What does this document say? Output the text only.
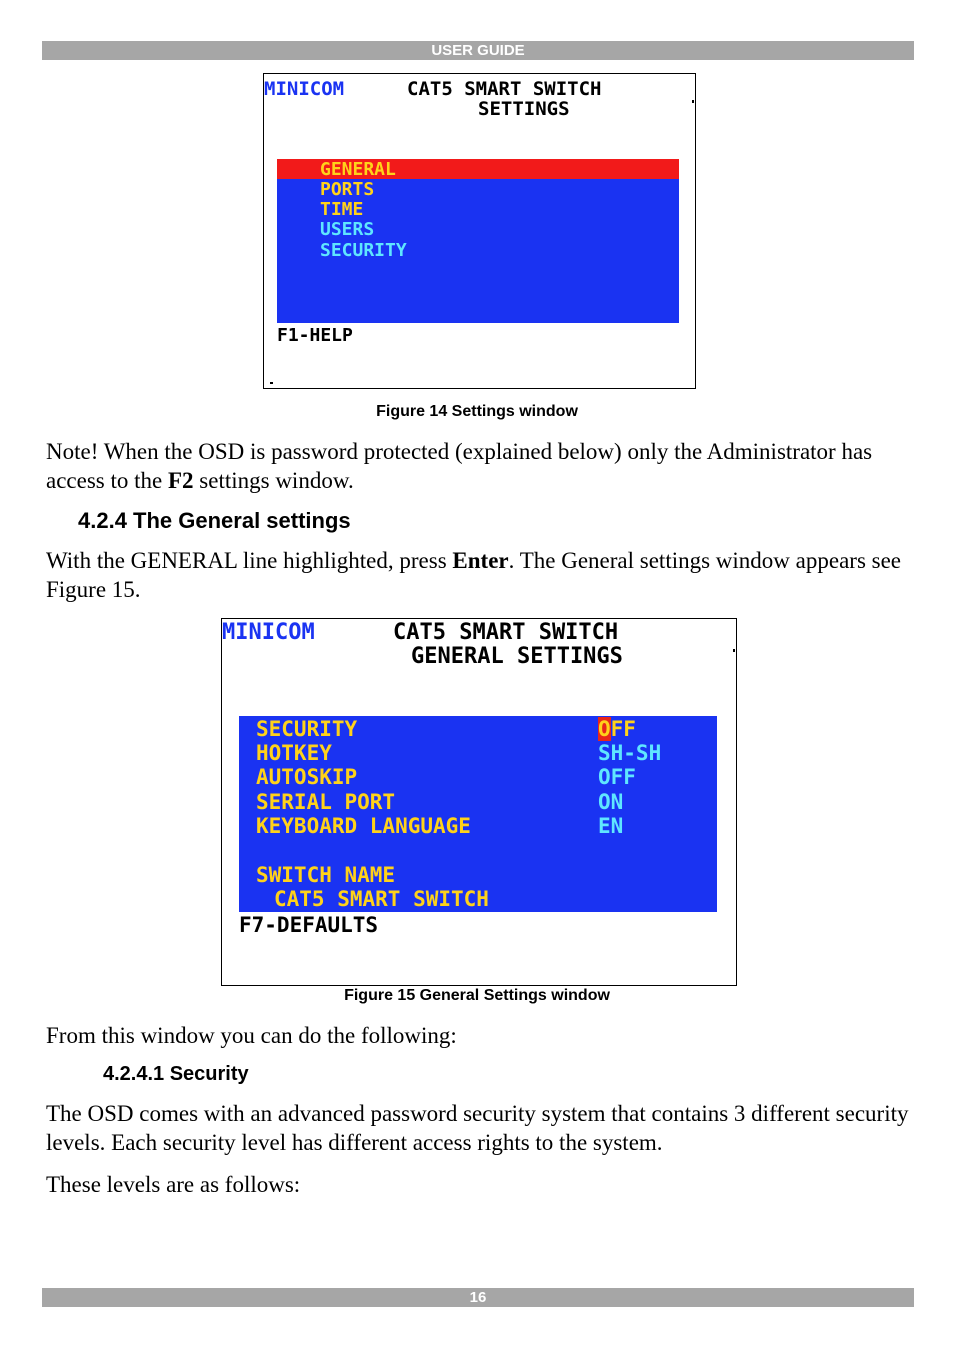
USER GUIDE
MINICOM	CAT5 SMART SWITCH
SETTINGS
GENERAL
PORTS
TIME
USERS
SECURITY
F1-HELP
Figure 14 Settings window

Note! When the OSD is password protected (explained below) only the Administrator has access to the F2 settings window.

4.2.4 The General settings

With the GENERAL line highlighted, press Enter. The General settings window appears see Figure 15.

MINICOM	CAT5 SMART SWITCH
GENERAL SETTINGS
SECURITY	OFF
HOTKEY	SH-SH
AUTOSKIP	OFF
SERIAL PORT	ON
KEYBOARD LANGUAGE	EN
SWITCH NAME
CAT5 SMART SWITCH
F7-DEFAULTS
Figure 15 General Settings window

From this window you can do the following:

4.2.4.1 Security

The OSD comes with an advanced password security system that contains 3 different security levels. Each security level has different access rights to the system.

These levels are as follows:

16
